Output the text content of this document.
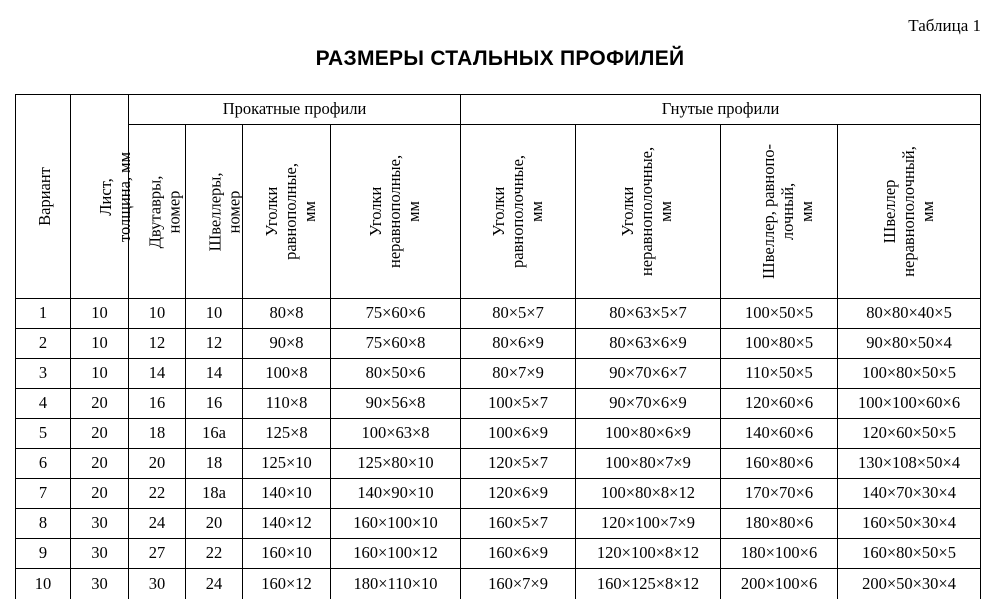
Таблица 1
РАЗМЕРЫ СТАЛЬНЫХ ПРОФИЛЕЙ
Вариант	Лист, толщина, мм	Прокатные профили				Гнутые профили			

		Двутавры, номер	Швеллеры, номер	Уголки равнополные, мм	Уголки неравнополные, мм	Уголки равнополочные, мм	Уголки неравнополочные, мм	Швеллер, равнопо- лочный, мм	Швеллер неравнополочный, мм

1	10	10	10	80×8	75×60×6	80×5×7	80×63×5×7	100×50×5	80×80×40×5
2	10	12	12	90×8	75×60×8	80×6×9	80×63×6×9	100×80×5	90×80×50×4
3	10	14	14	100×8	80×50×6	80×7×9	90×70×6×7	110×50×5	100×80×50×5
4	20	16	16	110×8	90×56×8	100×5×7	90×70×6×9	120×60×6	100×100×60×6
5	20	18	16а	125×8	100×63×8	100×6×9	100×80×6×9	140×60×6	120×60×50×5
6	20	20	18	125×10	125×80×10	120×5×7	100×80×7×9	160×80×6	130×108×50×4
7	20	22	18а	140×10	140×90×10	120×6×9	100×80×8×12	170×70×6	140×70×30×4
8	30	24	20	140×12	160×100×10	160×5×7	120×100×7×9	180×80×6	160×50×30×4
9	30	27	22	160×10	160×100×12	160×6×9	120×100×8×12	180×100×6	160×80×50×5
10	30	30	24	160×12	180×110×10	160×7×9	160×125×8×12	200×100×6	200×50×30×4
